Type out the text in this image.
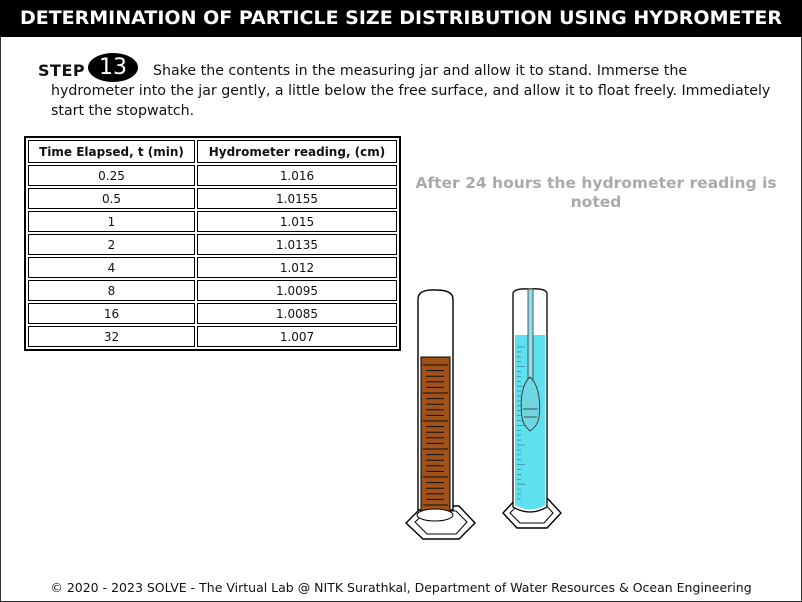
DETERMINATION OF PARTICLE SIZE DISTRIBUTION USING HYDROMETER
Shake the contents in the measuring jar and allow it to stand. Immerse the hydrometer into the jar gently, a little below the free surface, and allow it to float freely. Immediately start the stopwatch.
STEP 13
Time Elapsed, t (min)	Hydrometer reading, (cm)
0.25	1.016
0.5	1.0155
1	1.015
2	1.0135
4	1.012
8	1.0095
16	1.0085
32	1.007
After 24 hours the hydrometer reading is noted
© 2020 - 2023 SOLVE - The Virtual Lab @ NITK Surathkal, Department of Water Resources & Ocean Engineering
